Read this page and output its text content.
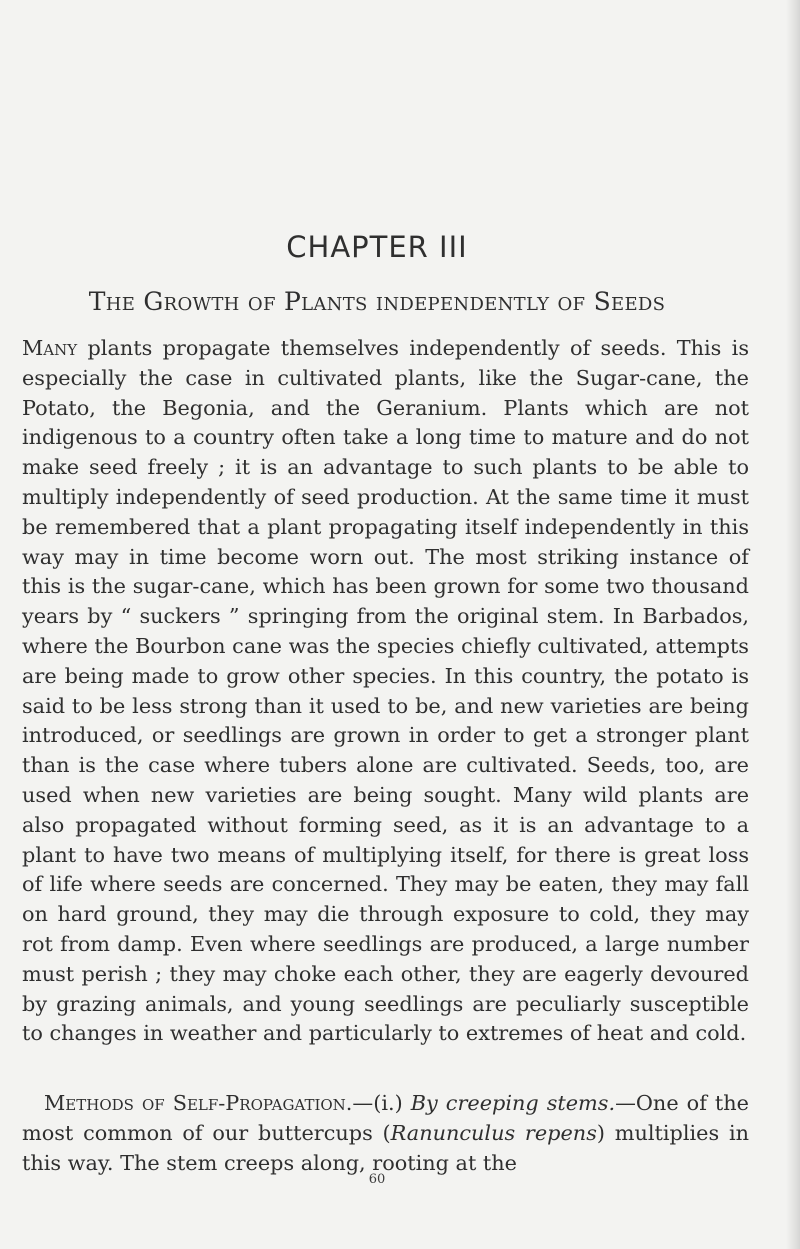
CHAPTER III
The Growth of Plants independently of Seeds

Many plants propagate themselves independently of seeds. This is especially the case in cultivated plants, like the Sugar-cane, the Potato, the Begonia, and the Geranium. Plants which are not indigenous to a country often take a long time to mature and do not make seed freely ; it is an advantage to such plants to be able to multiply independently of seed production. At the same time it must be remembered that a plant propagating itself independently in this way may in time become worn out. The most striking instance of this is the sugar-cane, which has been grown for some two thousand years by “ suckers ” springing from the original stem. In Barbados, where the Bourbon cane was the species chiefly cultivated, attempts are being made to grow other species. In this country, the potato is said to be less strong than it used to be, and new varieties are being introduced, or seedlings are grown in order to get a stronger plant than is the case where tubers alone are cultivated. Seeds, too, are used when new varieties are being sought. Many wild plants are also propagated without forming seed, as it is an advantage to a plant to have two means of multiplying itself, for there is great loss of life where seeds are concerned. They may be eaten, they may fall on hard ground, they may die through exposure to cold, they may rot from damp. Even where seedlings are produced, a large number must perish ; they may choke each other, they are eagerly devoured by grazing animals, and young seedlings are peculiarly susceptible to changes in weather and particularly to extremes of heat and cold.

Methods of Self-Propagation.—(i.) By creeping stems.—One of the most common of our buttercups (Ranunculus repens) multiplies in this way. The stem creeps along, rooting at the

60
